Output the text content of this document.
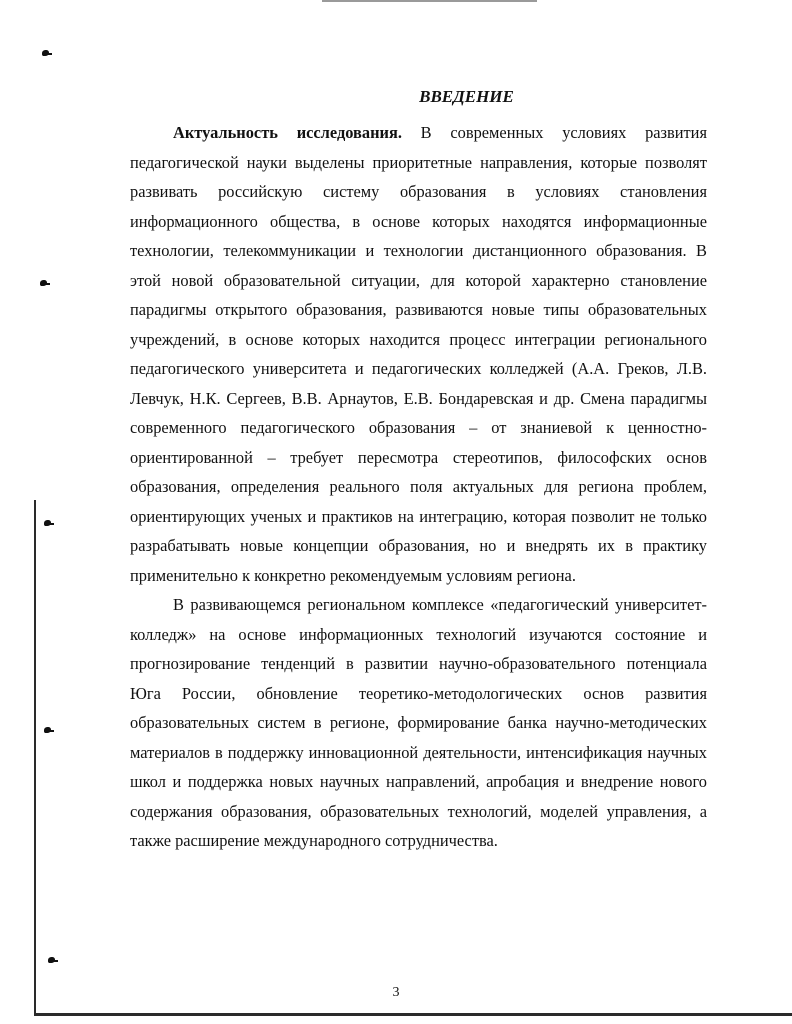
ВВЕДЕНИЕ

Актуальность исследования. В современных условиях развития педагогической науки выделены приоритетные направления, которые позволят развивать российскую систему образования в условиях становления информационного общества, в основе которых находятся информационные технологии, телекоммуникации и технологии дистанционного образования. В этой новой образовательной ситуации, для которой характерно становление парадигмы открытого образования, развиваются новые типы образовательных учреждений, в основе которых находится процесс интеграции регионального педагогического университета и педагогических колледжей (А.А. Греков, Л.В. Левчук, Н.К. Сергеев, В.В. Арнаутов, Е.В. Бондаревская и др. Смена парадигмы современного педагогического образования – от знаниевой к ценностно-ориентированной – требует пересмотра стереотипов, философских основ образования, определения реального поля актуальных для региона проблем, ориентирующих ученых и практиков на интеграцию, которая позволит не только разрабатывать новые концепции образования, но и внедрять их в практику применительно к конкретно рекомендуемым условиям региона.

В развивающемся региональном комплексе «педагогический университет-колледж» на основе информационных технологий изучаются состояние и прогнозирование тенденций в развитии научно-образовательного потенциала Юга России, обновление теоретико-методологических основ развития образовательных систем в регионе, формирование банка научно-методических материалов в поддержку инновационной деятельности, интенсификация научных школ и поддержка новых научных направлений, апробация и внедрение нового содержания образования, образовательных технологий, моделей управления, а также расширение международного сотрудничества.

3
